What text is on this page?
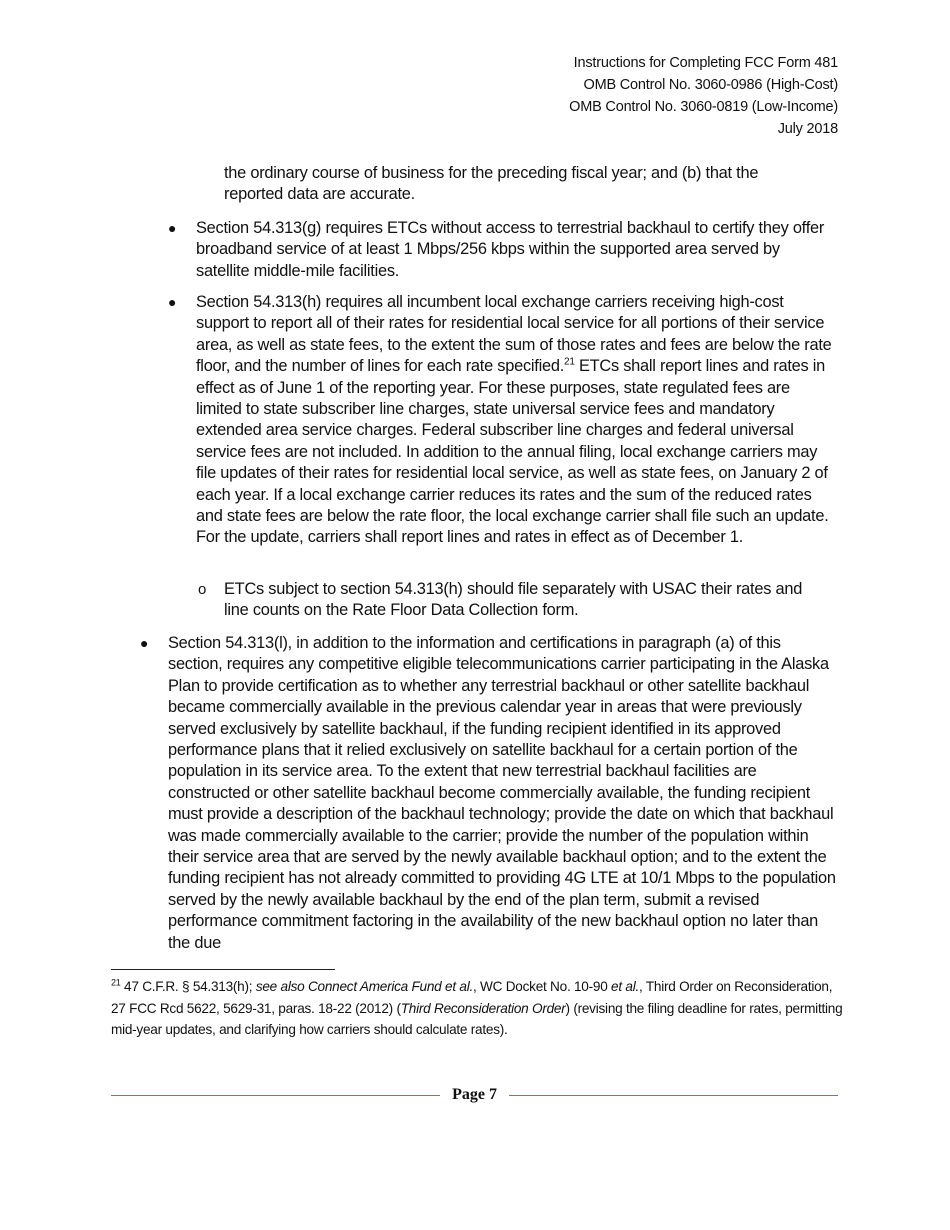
Instructions for Completing FCC Form 481
OMB Control No. 3060-0986 (High-Cost)
OMB Control No. 3060-0819 (Low-Income)
July 2018

the ordinary course of business for the preceding fiscal year; and (b) that the reported data are accurate.

● Section 54.313(g) requires ETCs without access to terrestrial backhaul to certify they offer broadband service of at least 1 Mbps/256 kbps within the supported area served by satellite middle-mile facilities.

● Section 54.313(h) requires all incumbent local exchange carriers receiving high-cost support to report all of their rates for residential local service for all portions of their service area, as well as state fees, to the extent the sum of those rates and fees are below the rate floor, and the number of lines for each rate specified.$^{21}$ ETCs shall report lines and rates in effect as of June 1 of the reporting year. For these purposes, state regulated fees are limited to state subscriber line charges, state universal service fees and mandatory extended area service charges. Federal subscriber line charges and federal universal service fees are not included. In addition to the annual filing, local exchange carriers may file updates of their rates for residential local service, as well as state fees, on January 2 of each year. If a local exchange carrier reduces its rates and the sum of the reduced rates and state fees are below the rate floor, the local exchange carrier shall file such an update. For the update, carriers shall report lines and rates in effect as of December 1.

o ETCs subject to section 54.313(h) should file separately with USAC their rates and line counts on the Rate Floor Data Collection form.

● Section 54.313(l), in addition to the information and certifications in paragraph (a) of this section, requires any competitive eligible telecommunications carrier participating in the Alaska Plan to provide certification as to whether any terrestrial backhaul or other satellite backhaul became commercially available in the previous calendar year in areas that were previously served exclusively by satellite backhaul, if the funding recipient identified in its approved performance plans that it relied exclusively on satellite backhaul for a certain portion of the population in its service area. To the extent that new terrestrial backhaul facilities are constructed or other satellite backhaul become commercially available, the funding recipient must provide a description of the backhaul technology; provide the date on which that backhaul was made commercially available to the carrier; provide the number of the population within their service area that are served by the newly available backhaul option; and to the extent the funding recipient has not already committed to providing 4G LTE at 10/1 Mbps to the population served by the newly available backhaul by the end of the plan term, submit a revised performance commitment factoring in the availability of the new backhaul option no later than the due

$^{21}$ 47 C.F.R. § 54.313(h); see also Connect America Fund et al., WC Docket No. 10-90 et al., Third Order on Reconsideration, 27 FCC Rcd 5622, 5629-31, paras. 18-22 (2012) (Third Reconsideration Order) (revising the filing deadline for rates, permitting mid-year updates, and clarifying how carriers should calculate rates).
Page 7
